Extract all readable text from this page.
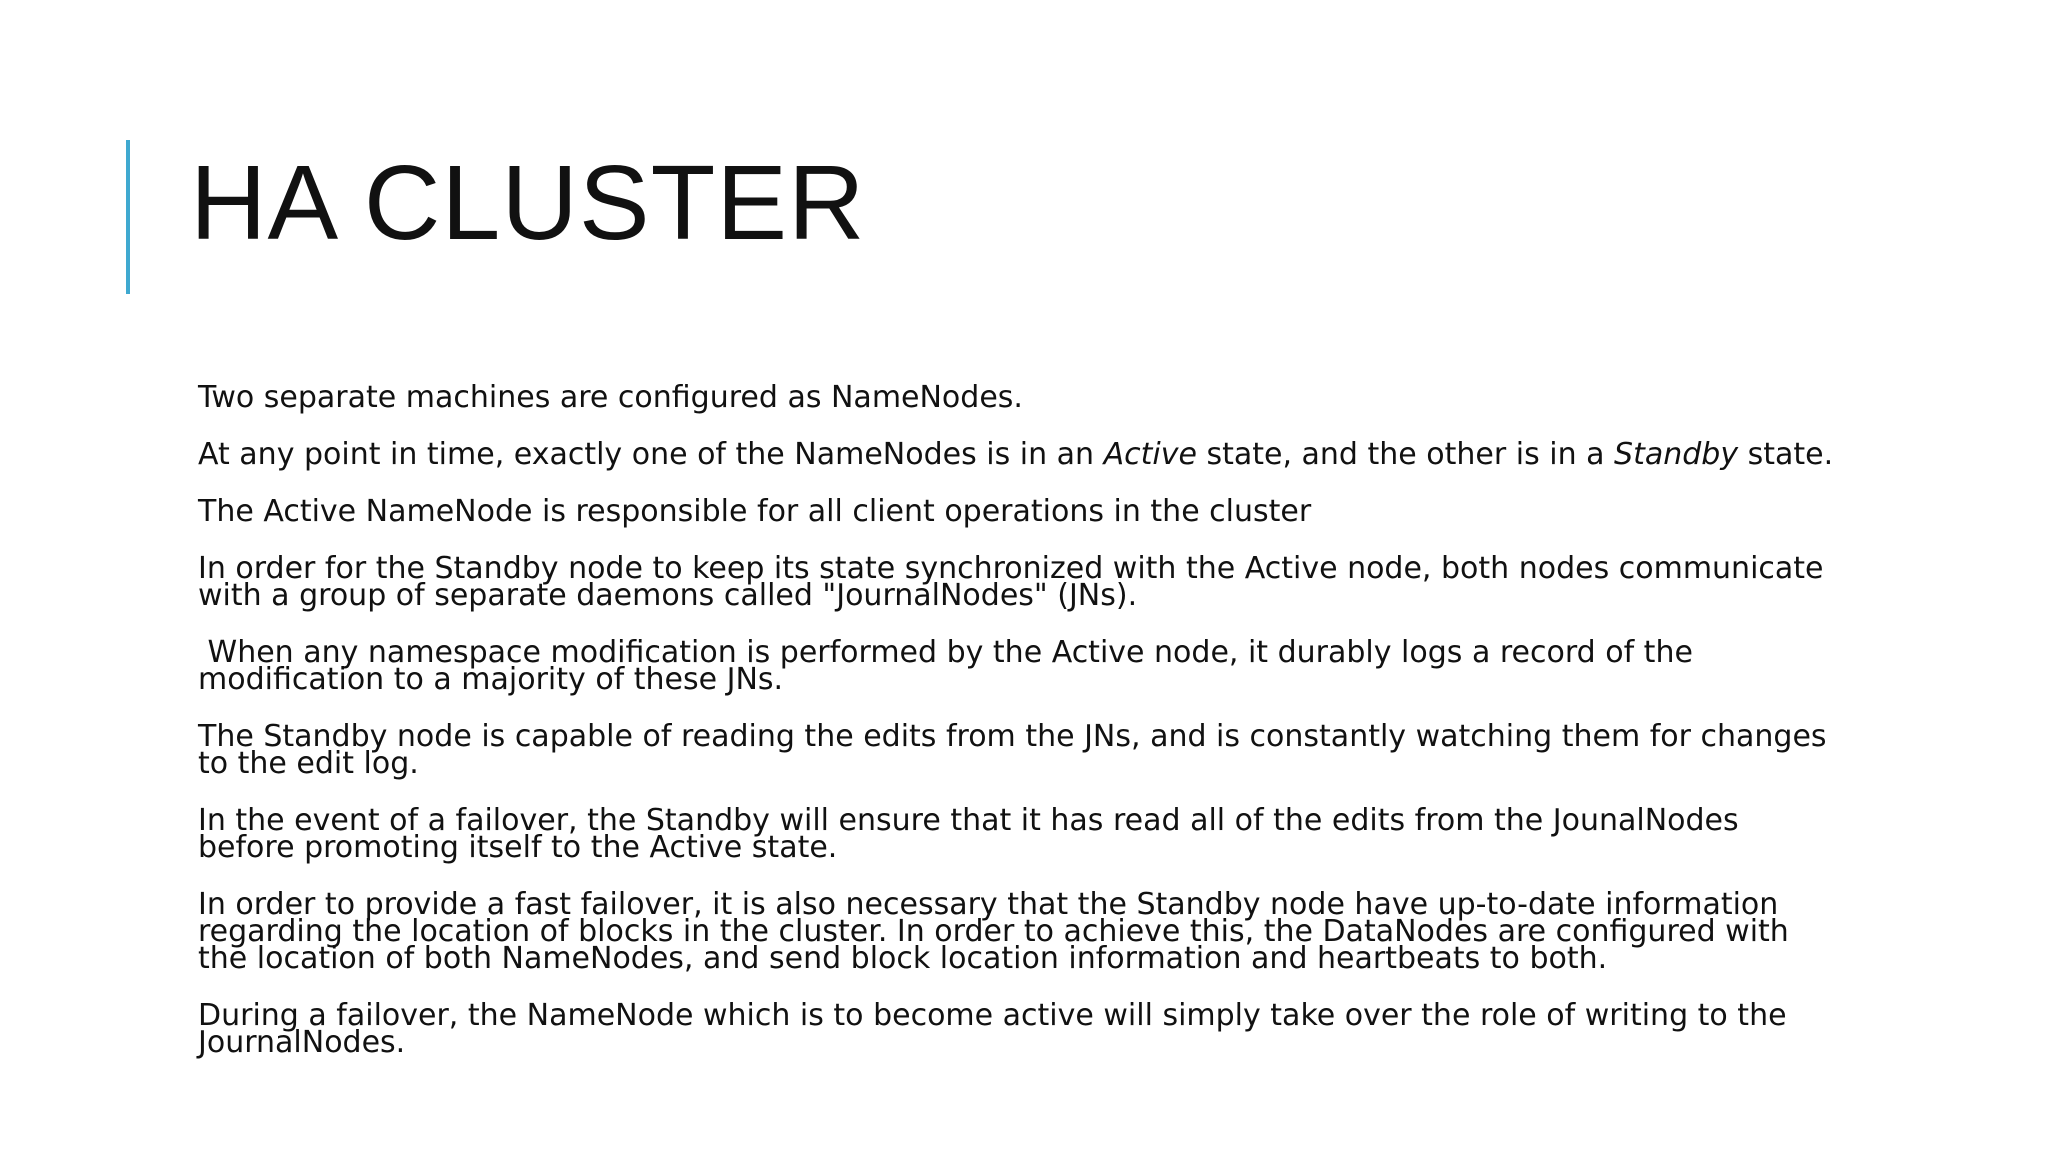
HA CLUSTER

Two separate machines are configured as NameNodes.

At any point in time, exactly one of the NameNodes is in an Active state, and the other is in a Standby state.

The Active NameNode is responsible for all client operations in the cluster

In order for the Standby node to keep its state synchronized with the Active node, both nodes communicate with a group of separate daemons called "JournalNodes" (JNs).

When any namespace modification is performed by the Active node, it durably logs a record of the modification to a majority of these JNs.

The Standby node is capable of reading the edits from the JNs, and is constantly watching them for changes to the edit log.

In the event of a failover, the Standby will ensure that it has read all of the edits from the JounalNodes before promoting itself to the Active state.

In order to provide a fast failover, it is also necessary that the Standby node have up-to-date information regarding the location of blocks in the cluster. In order to achieve this, the DataNodes are configured with the location of both NameNodes, and send block location information and heartbeats to both.

During a failover, the NameNode which is to become active will simply take over the role of writing to the JournalNodes.
